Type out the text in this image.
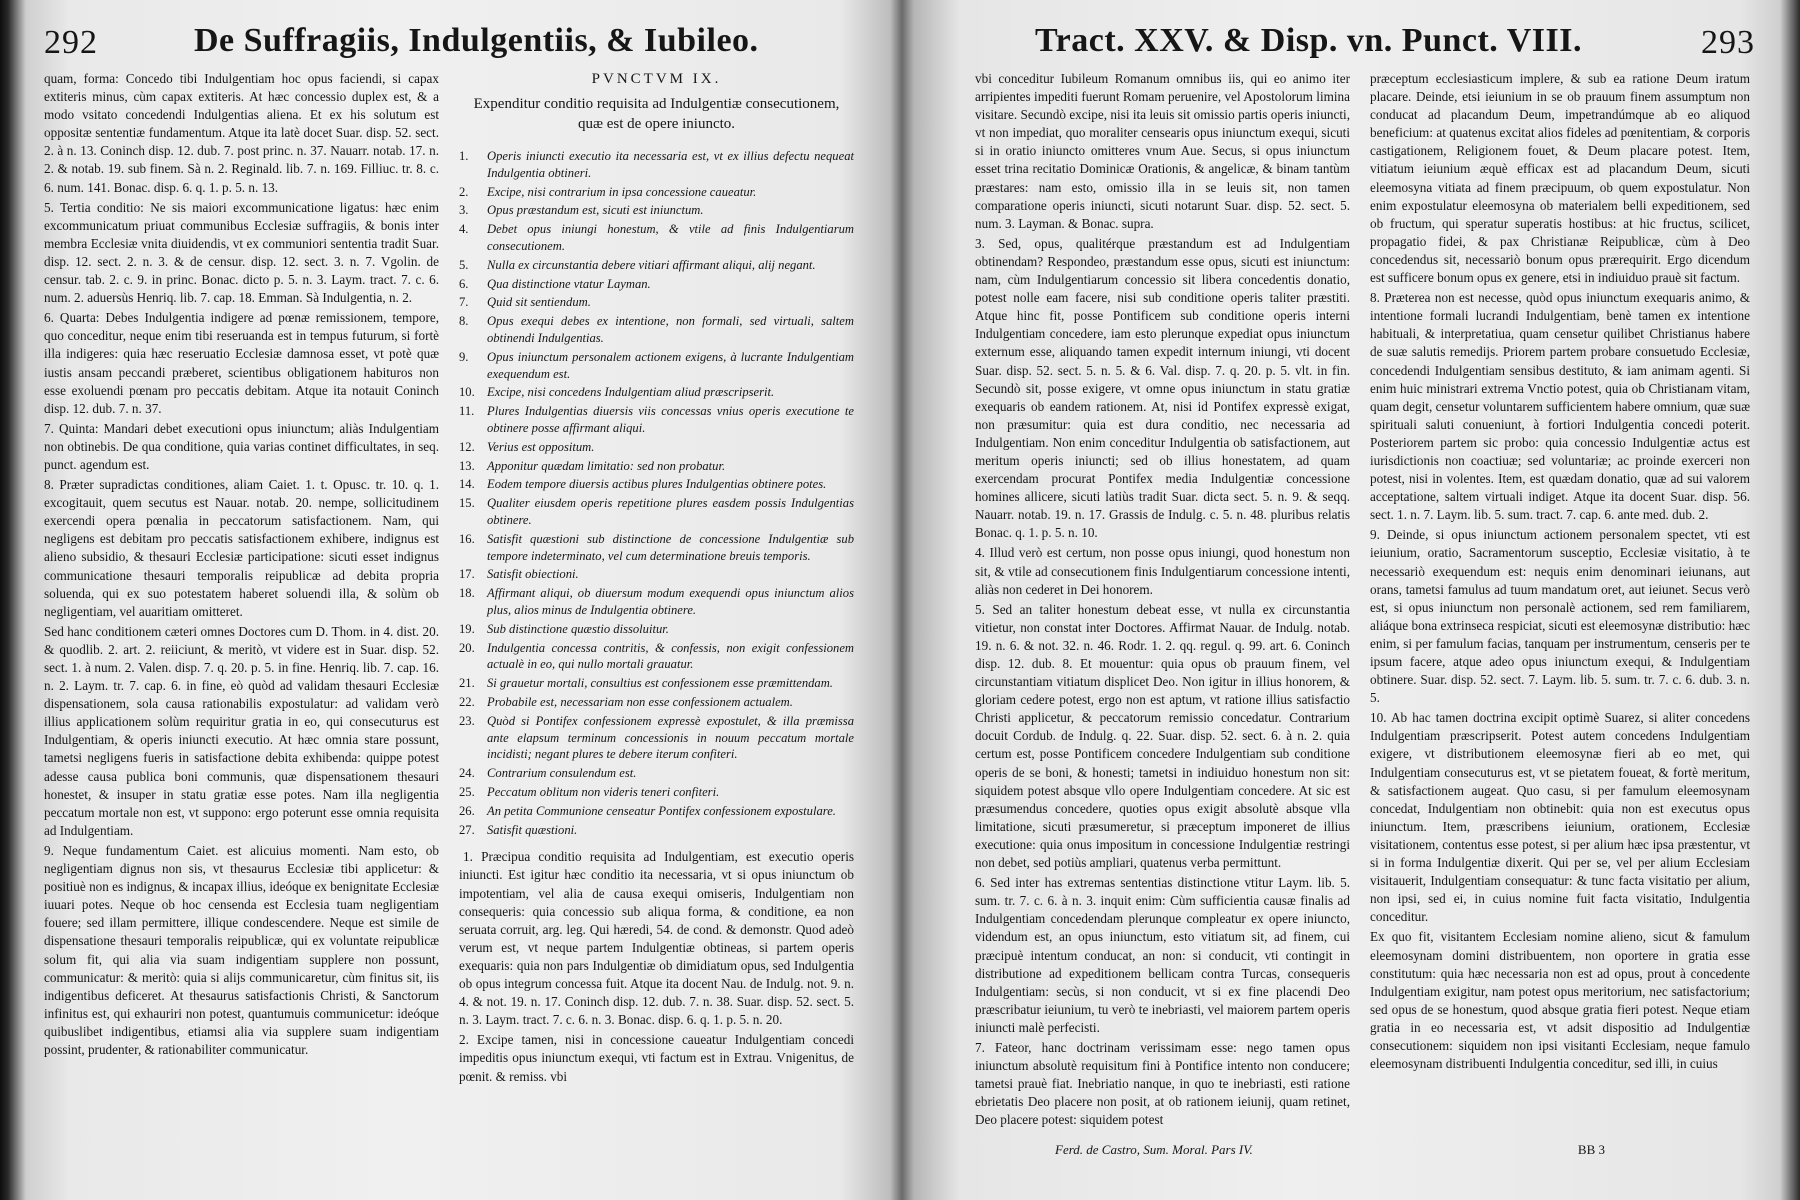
292	De Suffragiis, Indulgentiis, & Iubileo.

quam, forma: Concedo tibi Indulgentiam hoc opus faciendi, si capax extiteris minus, cùm capax extiteris. At hæc concessio duplex est, & a modo vsitato concedendi Indulgentias aliena. Et ex his solutum est oppositæ sententiæ fundamentum. Atque ita latè docet Suar. disp. 52. sect. 2. à n. 13. Coninch disp. 12. dub. 7. post princ. n. 37. Nauarr. notab. 17. n. 2. & notab. 19. sub finem. Sà n. 2. Reginald. lib. 7. n. 169. Filliuc. tr. 8. c. 6. num. 141. Bonac. disp. 6. q. 1. p. 5. n. 13.

5. Tertia conditio: Ne sis maiori excommunicatione ligatus: hæc enim excommunicatum priuat communibus Ecclesiæ suffragiis, & bonis inter membra Ecclesiæ vnita diuidendis, vt ex communiori sententia tradit Suar. disp. 12. sect. 2. n. 3. & de censur. disp. 12. sect. 3. n. 7. Vgolin. de censur. tab. 2. c. 9. in princ. Bonac. dicto p. 5. n. 3. Laym. tract. 7. c. 6. num. 2. aduersùs Henriq. lib. 7. cap. 18. Emman. Sà Indulgentia, n. 2.

6. Quarta: Debes Indulgentia indigere ad pœnæ remissionem, tempore, quo conceditur, neque enim tibi reseruanda est in tempus futurum, si fortè illa indigeres: quia hæc reseruatio Ecclesiæ damnosa esset, vt potè quæ iustis ansam peccandi præberet, scientibus obligationem habituros non esse exoluendi pœnam pro peccatis debitam. Atque ita notauit Coninch disp. 12. dub. 7. n. 37.

7. Quinta: Mandari debet executioni opus iniunctum; aliàs Indulgentiam non obtinebis. De qua conditione, quia varias continet difficultates, in seq. punct. agendum est.

8. Præter supradictas conditiones, aliam Caiet. 1. t. Opusc. tr. 10. q. 1. excogitauit, quem secutus est Nauar. notab. 20. nempe, sollicitudinem exercendi opera pœnalia in peccatorum satisfactionem. Nam, qui negligens est debitam pro peccatis satisfactionem exhibere, indignus est alieno subsidio, & thesauri Ecclesiæ participatione: sicuti esset indignus communicatione thesauri temporalis reipublicæ ad debita propria soluenda, qui ex suo potestatem haberet soluendi illa, & solùm ob negligentiam, vel auaritiam omitteret.

Sed hanc conditionem cæteri omnes Doctores cum D. Thom. in 4. dist. 20. & quodlib. 2. art. 2. reiiciunt, & meritò, vt videre est in Suar. disp. 52. sect. 1. à num. 2. Valen. disp. 7. q. 20. p. 5. in fine. Henriq. lib. 7. cap. 16. n. 2. Laym. tr. 7. cap. 6. in fine, eò quòd ad validam thesauri Ecclesiæ dispensationem, sola causa rationabilis expostulatur: ad validam verò illius applicationem solùm requiritur gratia in eo, qui consecuturus est Indulgentiam, & operis iniuncti executio. At hæc omnia stare possunt, tametsi negligens fueris in satisfactione debita exhibenda: quippe potest adesse causa publica boni communis, quæ dispensationem thesauri honestet, & insuper in statu gratiæ esse potes. Nam illa negligentia peccatum mortale non est, vt suppono: ergo poterunt esse omnia requisita ad Indulgentiam.

9. Neque fundamentum Caiet. est alicuius momenti. Nam esto, ob negligentiam dignus non sis, vt thesaurus Ecclesiæ tibi applicetur: & positiuè non es indignus, & incapax illius, ideóque ex benignitate Ecclesiæ iuuari potes. Neque ob hoc censenda est Ecclesia tuam negligentiam fouere; sed illam permittere, illique condescendere. Neque est simile de dispensatione thesauri temporalis reipublicæ, qui ex voluntate reipublicæ solum fit, qui alia via suam indigentiam supplere non possunt, communicatur: & meritò: quia si alijs communicaretur, cùm finitus sit, iis indigentibus deficeret. At thesaurus satisfactionis Christi, & Sanctorum infinitus est, qui exhauriri non potest, quantumuis communicetur: ideóque quibuslibet indigentibus, etiamsi alia via supplere suam indigentiam possint, prudenter, & rationabiliter communicatur.

PVNCTVM IX.
Expenditur conditio requisita ad Indulgentiæ consecutionem, quæ est de opere iniuncto.
1.	Operis iniuncti executio ita necessaria est, vt ex illius defectu nequeat Indulgentia obtineri.
2.	Excipe, nisi contrarium in ipsa concessione caueatur.
3.	Opus præstandum est, sicuti est iniunctum.
4.	Debet opus iniungi honestum, & vtile ad finis Indulgentiarum consecutionem.
5.	Nulla ex circunstantia debere vitiari affirmant aliqui, alij negant.
6.	Qua distinctione vtatur Layman.
7.	Quid sit sentiendum.
8.	Opus exequi debes ex intentione, non formali, sed virtuali, saltem obtinendi Indulgentias.
9.	Opus iniunctum personalem actionem exigens, à lucrante Indulgentiam exequendum est.
10. Excipe, nisi concedens Indulgentiam aliud præscripserit.
11.	Plures Indulgentias diuersis viis concessas vnius operis executione te obtinere posse affirmant aliqui.
12. Verius est oppositum.
13. Apponitur quædam limitatio: sed non probatur.
14. Eodem tempore diuersis actibus plures Indulgentias obtinere potes.
15. Qualiter eiusdem operis repetitione plures easdem possis Indulgentias obtinere.
16. Satisfit quæstioni sub distinctione de concessione Indulgentiæ sub tempore indeterminato, vel cum determinatione breuis temporis.
17. Satisfit obiectioni.
18. Affirmant aliqui, ob diuersum modum exequendi opus iniunctum alios plus, alios minus de Indulgentia obtinere.
19. Sub distinctione quæstio dissoluitur.
20. Indulgentia concessa contritis, & confessis, non exigit confessionem actualè in eo, qui nullo mortali grauatur.
21. Si grauetur mortali, consultius est confessionem esse præmittendam.
22. Probabile est, necessariam non esse confessionem actualem.
23. Quòd si Pontifex confessionem expressè expostulet, & illa præmissa ante elapsum terminum concessionis in nouum peccatum mortale incidisti; negant plures te debere iterum confiteri.
24. Contrarium consulendum est.
25. Peccatum oblitum non videris teneri confiteri.
26. An petita Communione censeatur Pontifex confessionem expostulare.
27. Satisfit quæstioni.

1. Præcipua conditio requisita ad Indulgentiam, est executio operis iniuncti. Est igitur hæc conditio ita necessaria, vt si opus iniunctum ob impotentiam, vel alia de causa exequi omiseris, Indulgentiam non consequeris: quia concessio sub aliqua forma, & conditione, ea non seruata corruit, arg. leg. Qui hæredi, 54. de cond. & demonstr. Quod adeò verum est, vt neque partem Indulgentiæ obtineas, si partem operis exequaris: quia non pars Indulgentiæ ob dimidiatum opus, sed Indulgentia ob opus integrum concessa fuit. Atque ita docent Nau. de Indulg. not. 9. n. 4. & not. 19. n. 17. Coninch disp. 12. dub. 7. n. 38. Suar. disp. 52. sect. 5. n. 3. Laym. tract. 7. c. 6. n. 3. Bonac. disp. 6. q. 1. p. 5. n. 20.

2. Excipe tamen, nisi in concessione caueatur Indulgentiam concedi impeditis opus iniunctum exequi, vti factum est in Extrau. Vnigenitus, de pœnit. & remiss. vbi

Tract. XXV. & Disp. vn. Punct. VIII.	293

vbi conceditur Iubileum Romanum omnibus iis, qui eo animo iter arripientes impediti fuerunt Romam peruenire, vel Apostolorum limina visitare. Secundò excipe, nisi ita leuis sit omissio partis operis iniuncti, vt non impediat, quo moraliter censearis opus iniunctum exequi, sicuti si in oratio iniuncto omitteres vnum Aue. Secus, si opus iniunctum esset trina recitatio Dominicæ Orationis, & angelicæ, & binam tantùm præstares: nam esto, omissio illa in se leuis sit, non tamen comparatione operis iniuncti, sicuti notarunt Suar. disp. 52. sect. 5. num. 3. Layman. & Bonac. supra.

3. Sed, opus, qualitérque præstandum est ad Indulgentiam obtinendam? Respondeo, præstandum esse opus, sicuti est iniunctum: nam, cùm Indulgentiarum concessio sit libera concedentis donatio, potest nolle eam facere, nisi sub conditione operis taliter præstiti. Atque hinc fit, posse Pontificem sub conditione operis interni Indulgentiam concedere, iam esto plerunque expediat opus iniunctum externum esse, aliquando tamen expedit internum iniungi, vti docent Suar. disp. 52. sect. 5. n. 5. & 6. Val. disp. 7. q. 20. p. 5. vlt. in fin. Secundò sit, posse exigere, vt omne opus iniunctum in statu gratiæ exequaris ob eandem rationem. At, nisi id Pontifex expressè exigat, non præsumitur: quia est dura conditio, nec necessaria ad Indulgentiam. Non enim conceditur Indulgentia ob satisfactionem, aut meritum operis iniuncti; sed ob illius honestatem, ad quam exercendam procurat Pontifex media Indulgentiæ concessione homines allicere, sicuti latiùs tradit Suar. dicta sect. 5. n. 9. & seqq. Nauarr. notab. 19. n. 17. Grassis de Indulg. c. 5. n. 48. pluribus relatis Bonac. q. 1. p. 5. n. 10.

4. Illud verò est certum, non posse opus iniungi, quod honestum non sit, & vtile ad consecutionem finis Indulgentiarum concessione intenti, aliàs non cederet in Dei honorem.

5. Sed an taliter honestum debeat esse, vt nulla ex circunstantia vitietur, non constat inter Doctores. Affirmat Nauar. de Indulg. notab. 19. n. 6. & not. 32. n. 46. Rodr. 1. 2. qq. regul. q. 99. art. 6. Coninch disp. 12. dub. 8. Et mouentur: quia opus ob prauum finem, vel circunstantiam vitiatum displicet Deo. Non igitur in illius honorem, & gloriam cedere potest, ergo non est aptum, vt ratione illius satisfactio Christi applicetur, & peccatorum remissio concedatur. Contrarium docuit Cordub. de Indulg. q. 22. Suar. disp. 52. sect. 6. à n. 2. quia certum est, posse Pontificem concedere Indulgentiam sub conditione operis de se boni, & honesti; tametsi in indiuiduo honestum non sit: siquidem potest absque vllo opere Indulgentiam concedere. At sic est præsumendus concedere, quoties opus exigit absolutè absque vlla limitatione, sicuti præsumeretur, si præceptum imponeret de illius executione: quia onus impositum in concessione Indulgentiæ restringi non debet, sed potiùs ampliari, quatenus verba permittunt.

6. Sed inter has extremas sententias distinctione vtitur Laym. lib. 5. sum. tr. 7. c. 6. à n. 3. inquit enim: Cùm sufficientia causæ finalis ad Indulgentiam concedendam plerunque compleatur ex opere iniuncto, videndum est, an opus iniunctum, esto vitiatum sit, ad finem, cui præcipuè intentum conducat, an non: si conducit, vti contingit in distributione ad expeditionem bellicam contra Turcas, consequeris Indulgentiam: secùs, si non conducit, vt si ex fine placendi Deo præscribatur ieiunium, tu verò te inebriasti, vel maiorem partem operis iniuncti malè perfecisti.

7. Fateor, hanc doctrinam verissimam esse: nego tamen opus iniunctum absolutè requisitum fini à Pontifice intento non conducere; tametsi prauè fiat. Inebriatio nanque, in quo te inebriasti, esti ratione ebrietatis Deo placere non posit, at ob rationem ieiunij, quam retinet, Deo placere potest: siquidem potest

præceptum ecclesiasticum implere, & sub ea ratione Deum iratum placare. Deinde, etsi ieiunium in se ob prauum finem assumptum non conducat ad placandum Deum, impetrandúmque ab eo aliquod beneficium: at quatenus excitat alios fideles ad pœnitentiam, & corporis castigationem, Religionem fouet, & Deum placare potest. Item, vitiatum ieiunium æquè efficax est ad placandum Deum, sicuti eleemosyna vitiata ad finem præcipuum, ob quem expostulatur. Non enim expostulatur eleemosyna ob materialem belli expeditionem, sed ob fructum, qui speratur superatis hostibus: at hic fructus, scilicet, propagatio fidei, & pax Christianæ Reipublicæ, cùm à Deo concedendus sit, necessariò bonum opus prærequirit. Ergo dicendum est sufficere bonum opus ex genere, etsi in indiuiduo prauè sit factum.

8. Præterea non est necesse, quòd opus iniunctum exequaris animo, & intentione formali lucrandi Indulgentiam, benè tamen ex intentione habituali, & interpretatiua, quam censetur quilibet Christianus habere de suæ salutis remedijs. Priorem partem probare consuetudo Ecclesiæ, concedendi Indulgentiam sensibus destituto, & iam animam agenti. Si enim huic ministrari extrema Vnctio potest, quia ob Christianam vitam, quam degit, censetur voluntarem sufficientem habere omnium, quæ suæ spirituali saluti conueniunt, à fortiori Indulgentia concedi poterit. Posteriorem partem sic probo: quia concessio Indulgentiæ actus est iurisdictionis non coactiuæ; sed voluntariæ; ac proinde exerceri non potest, nisi in volentes. Item, est quædam donatio, quæ ad sui valorem acceptatione, saltem virtuali indiget. Atque ita docent Suar. disp. 56. sect. 1. n. 7. Laym. lib. 5. sum. tract. 7. cap. 6. ante med. dub. 2.

9. Deinde, si opus iniunctum actionem personalem spectet, vti est ieiunium, oratio, Sacramentorum susceptio, Ecclesiæ visitatio, à te necessariò exequendum est: nequis enim denominari ieiunans, aut orans, tametsi famulus ad tuum mandatum oret, aut ieiunet. Secus verò est, si opus iniunctum non personalè actionem, sed rem familiarem, aliáque bona extrinseca respiciat, sicuti est eleemosynæ distributio: hæc enim, si per famulum facias, tanquam per instrumentum, censeris per te ipsum facere, atque adeo opus iniunctum exequi, & Indulgentiam obtinere. Suar. disp. 52. sect. 7. Laym. lib. 5. sum. tr. 7. c. 6. dub. 3. n. 5.

10. Ab hac tamen doctrina excipit optimè Suarez, si aliter concedens Indulgentiam præscripserit. Potest autem concedens Indulgentiam exigere, vt distributionem eleemosynæ fieri ab eo met, qui Indulgentiam consecuturus est, vt se pietatem foueat, & fortè meritum, & satisfactionem augeat. Quo casu, si per famulum eleemosynam concedat, Indulgentiam non obtinebit: quia non est executus opus iniunctum. Item, præscribens ieiunium, orationem, Ecclesiæ visitationem, contentus esse potest, si per alium hæc ipsa præstentur, vt si in forma Indulgentiæ dixerit. Qui per se, vel per alium Ecclesiam visitauerit, Indulgentiam consequatur: & tunc facta visitatio per alium, non ipsi, sed ei, in cuius nomine fuit facta visitatio, Indulgentia conceditur.

Ex quo fit, visitantem Ecclesiam nomine alieno, sicut & famulum eleemosynam domini distribuentem, non oportere in gratia esse constitutum: quia hæc necessaria non est ad opus, prout à concedente Indulgentiam exigitur, nam potest opus meritorium, nec satisfactorium; sed opus de se honestum, quod absque gratia fieri potest. Neque etiam gratia in eo necessaria est, vt adsit dispositio ad Indulgentiæ consecutionem: siquidem non ipsi visitanti Ecclesiam, neque famulo eleemosynam distribuenti Indulgentia conceditur, sed illi, in cuius

Ferd. de Castro, Sum. Moral. Pars IV.	BB 3
